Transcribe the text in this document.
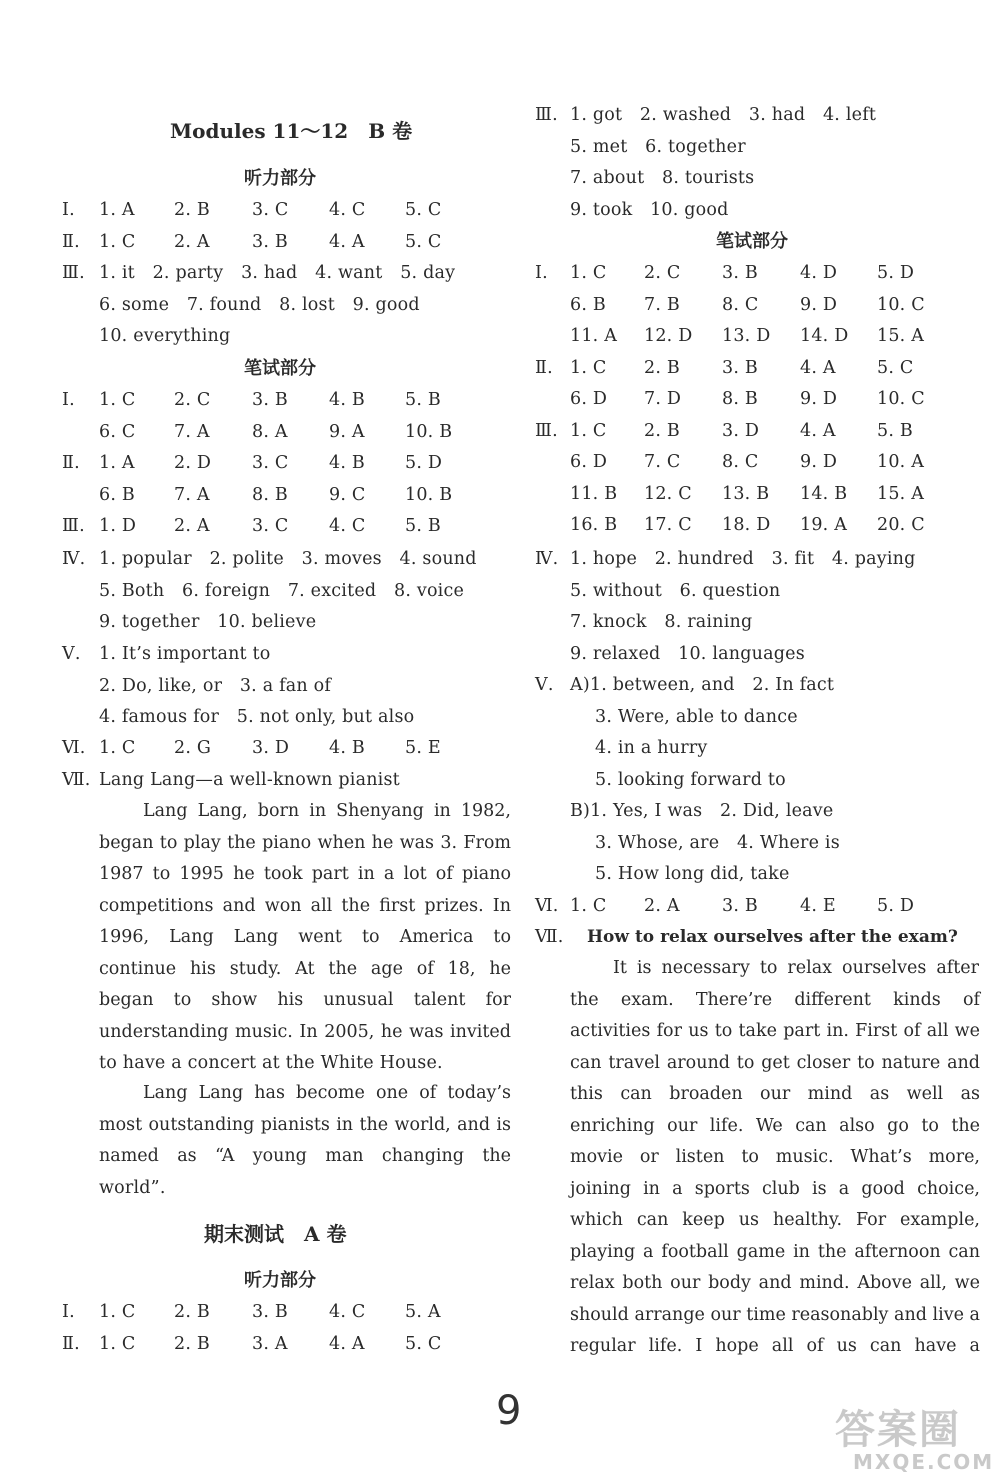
Modules 11～12　B 卷
听力部分
Ⅰ. 1. A 2. B 3. C 4. C 5. C
Ⅱ. 1. C 2. A 3. B 4. A 5. C
Ⅲ. 1. it　2. party　3. had　4. want　5. day
6. some　7. found　8. lost　9. good
10. everything
笔试部分
Ⅰ. 1. C 2. C 3. B 4. B 5. B
6. C 7. A 8. A 9. A 10. B
Ⅱ. 1. A 2. D 3. C 4. B 5. D
6. B 7. A 8. B 9. C 10. B
Ⅲ. 1. D 2. A 3. C 4. C 5. B
Ⅳ. 1. popular　2. polite　3. moves　4. sound
5. Both　6. foreign　7. excited　8. voice
9. together　10. believe
Ⅴ. 1. It’s important to
2. Do, like, or　3. a fan of
4. famous for　5. not only, but also
Ⅵ. 1. C 2. G 3. D 4. B 5. E
Ⅶ. Lang Lang—a well-known pianist
Lang Lang, born in Shenyang in 1982,
began to play the piano when he was 3. From
1987 to 1995 he took part in a lot of piano
competitions and won all the first prizes. In
1996, Lang Lang went to America to
continue his study. At the age of 18, he
began to show his unusual talent for
understanding music. In 2005, he was invited
to have a concert at the White House.
Lang Lang has become one of today’s
most outstanding pianists in the world, and is
named as “A young man changing the
world”.
期末测试　A 卷
听力部分
Ⅰ. 1. C 2. B 3. B 4. C 5. A
Ⅱ. 1. C 2. B 3. A 4. A 5. C
Ⅲ. 1. got　2. washed　3. had　4. left
5. met　6. together
7. about　8. tourists
9. took　10. good
笔试部分
Ⅰ. 1. C 2. C 3. B 4. D 5. D
6. B 7. B 8. C 9. D 10. C
11. A 12. D 13. D 14. D 15. A
Ⅱ. 1. C 2. B 3. B 4. A 5. C
6. D 7. D 8. B 9. D 10. C
Ⅲ. 1. C 2. B 3. D 4. A 5. B
6. D 7. C 8. C 9. D 10. A
11. B 12. C 13. B 14. B 15. A
16. B 17. C 18. D 19. A 20. C
Ⅳ. 1. hope　2. hundred　3. fit　4. paying
5. without　6. question
7. knock　8. raining
9. relaxed　10. languages
Ⅴ. A)1. between, and　2. In fact
3. Were, able to dance
4. in a hurry
5. looking forward to
B)1. Yes, I was　2. Did, leave
3. Whose, are　4. Where is
5. How long did, take
Ⅵ. 1. C 2. A 3. B 4. E 5. D
Ⅶ. How to relax ourselves after the exam?
It is necessary to relax ourselves after
the exam. There’re different kinds of
activities for us to take part in. First of all we
can travel around to get closer to nature and
this can broaden our mind as well as
enriching our life. We can also go to the
movie or listen to music. What’s more,
joining in a sports club is a good choice,
which can keep us healthy. For example,
playing a football game in the afternoon can
relax both our body and mind. Above all, we
should arrange our time reasonably and live a
regular life. I hope all of us can have a
9	答案圈
MXQE.COM
